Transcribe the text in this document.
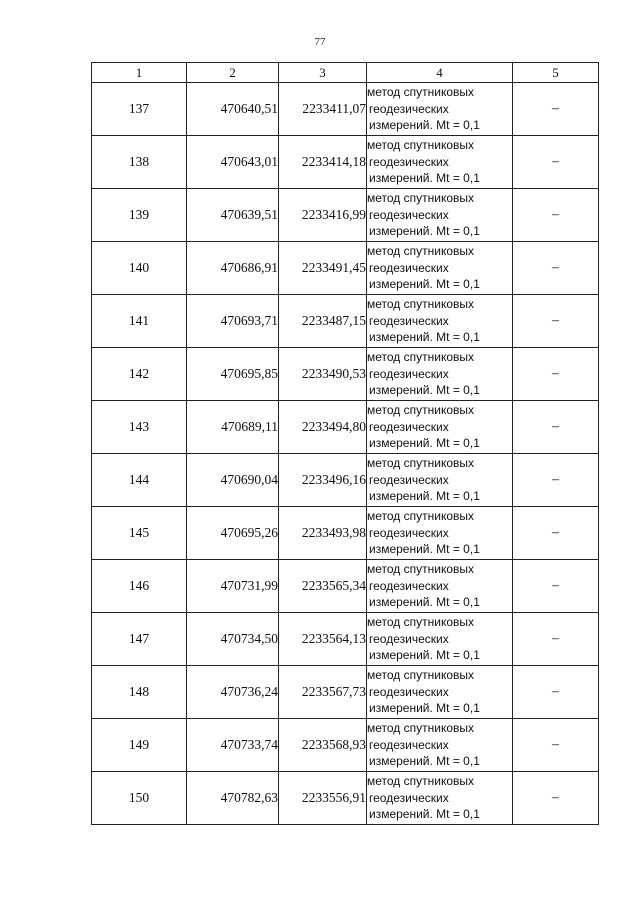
77
1	2	3	4	5
137	470640,51	2233411,07	метод спутниковых
геодезических
измерений. Mt = 0,1	–
138	470643,01	2233414,18	метод спутниковых
геодезических
измерений. Mt = 0,1	–
139	470639,51	2233416,99	метод спутниковых
геодезических
измерений. Mt = 0,1	–
140	470686,91	2233491,45	метод спутниковых
геодезических
измерений. Mt = 0,1	–
141	470693,71	2233487,15	метод спутниковых
геодезических
измерений. Mt = 0,1	–
142	470695,85	2233490,53	метод спутниковых
геодезических
измерений. Mt = 0,1	–
143	470689,11	2233494,80	метод спутниковых
геодезических
измерений. Mt = 0,1	–
144	470690,04	2233496,16	метод спутниковых
геодезических
измерений. Mt = 0,1	–
145	470695,26	2233493,98	метод спутниковых
геодезических
измерений. Mt = 0,1	–
146	470731,99	2233565,34	метод спутниковых
геодезических
измерений. Mt = 0,1	–
147	470734,50	2233564,13	метод спутниковых
геодезических
измерений. Mt = 0,1	–
148	470736,24	2233567,73	метод спутниковых
геодезических
измерений. Mt = 0,1	–
149	470733,74	2233568,93	метод спутниковых
геодезических
измерений. Mt = 0,1	–
150	470782,63	2233556,91	метод спутниковых
геодезических
измерений. Mt = 0,1	–
